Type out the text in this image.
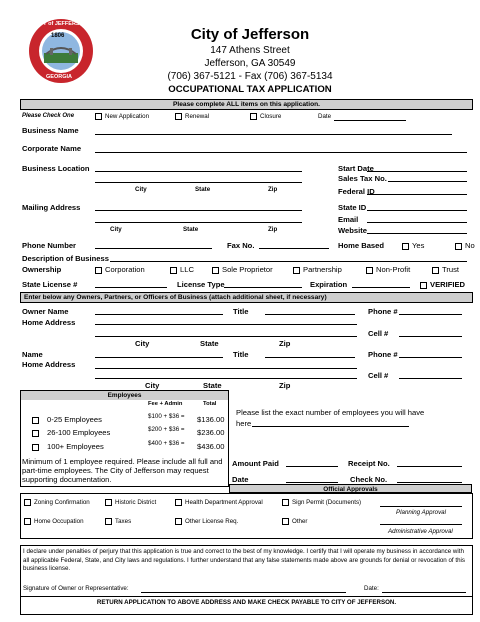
CITY of JEFFERSON
1806
GEORGIA
City of Jefferson
147 Athens Street
Jefferson, GA 30549
(706) 367-5121 - Fax (706) 367-5134
OCCUPATIONAL TAX APPLICATION
Please complete ALL items on this application.
Please Check One	New Application	Renewal	Closure	Date
Business Name
Corporate Name
Business Location
City	State	Zip
Start Date
Sales Tax No.
Federal ID
Mailing Address
City	State	Zip
State ID
Email
Website
Phone Number	Fax No.	Home Based	Yes	No
Description of Business
Ownership	Corporation	LLC	Sole Proprietor	Partnership	Non-Profit	Trust
State License #	License Type	Expiration	VERIFIED
Enter below any Owners, Partners, or Officers of Business (attach additional sheet, if necessary)
Owner Name
Home Address
Title	Phone #
Cell #
City	State	Zip
Name
Home Address
Title	Phone #
Cell #
City	State	Zip
Employees
Fee + Admin	Total
0-25 Employees	$100 + $36 = $136.00
26-100 Employees	$200 + $36 = $236.00
100+ Employees	$400 + $36 = $436.00
Minimum of 1 employee required. Please include all full and part-time employees. The City of Jefferson may request supporting documentation.
Please list the exact number of employees you will have
here
Amount Paid	Receipt No.
Date	Check No.
Official Approvals
Zoning Confirmation	Historic District	Health Department Approval	Sign Permit (Documents)
Planning Approval
Home Occupation	Taxes	Other License Req.	Other
Administrative Approval
I declare under penalties of perjury that this application is true and correct to the best of my knowledge. I certify that I will operate my business in accordance with all applicable Federal, State, and City laws and regulations. I further understand that any false statements made above are grounds for denial or revocation of this business license.
Signature of Owner or Representative:	Date:
RETURN APPLICATION TO ABOVE ADDRESS AND MAKE CHECK PAYABLE TO CITY OF JEFFERSON.
